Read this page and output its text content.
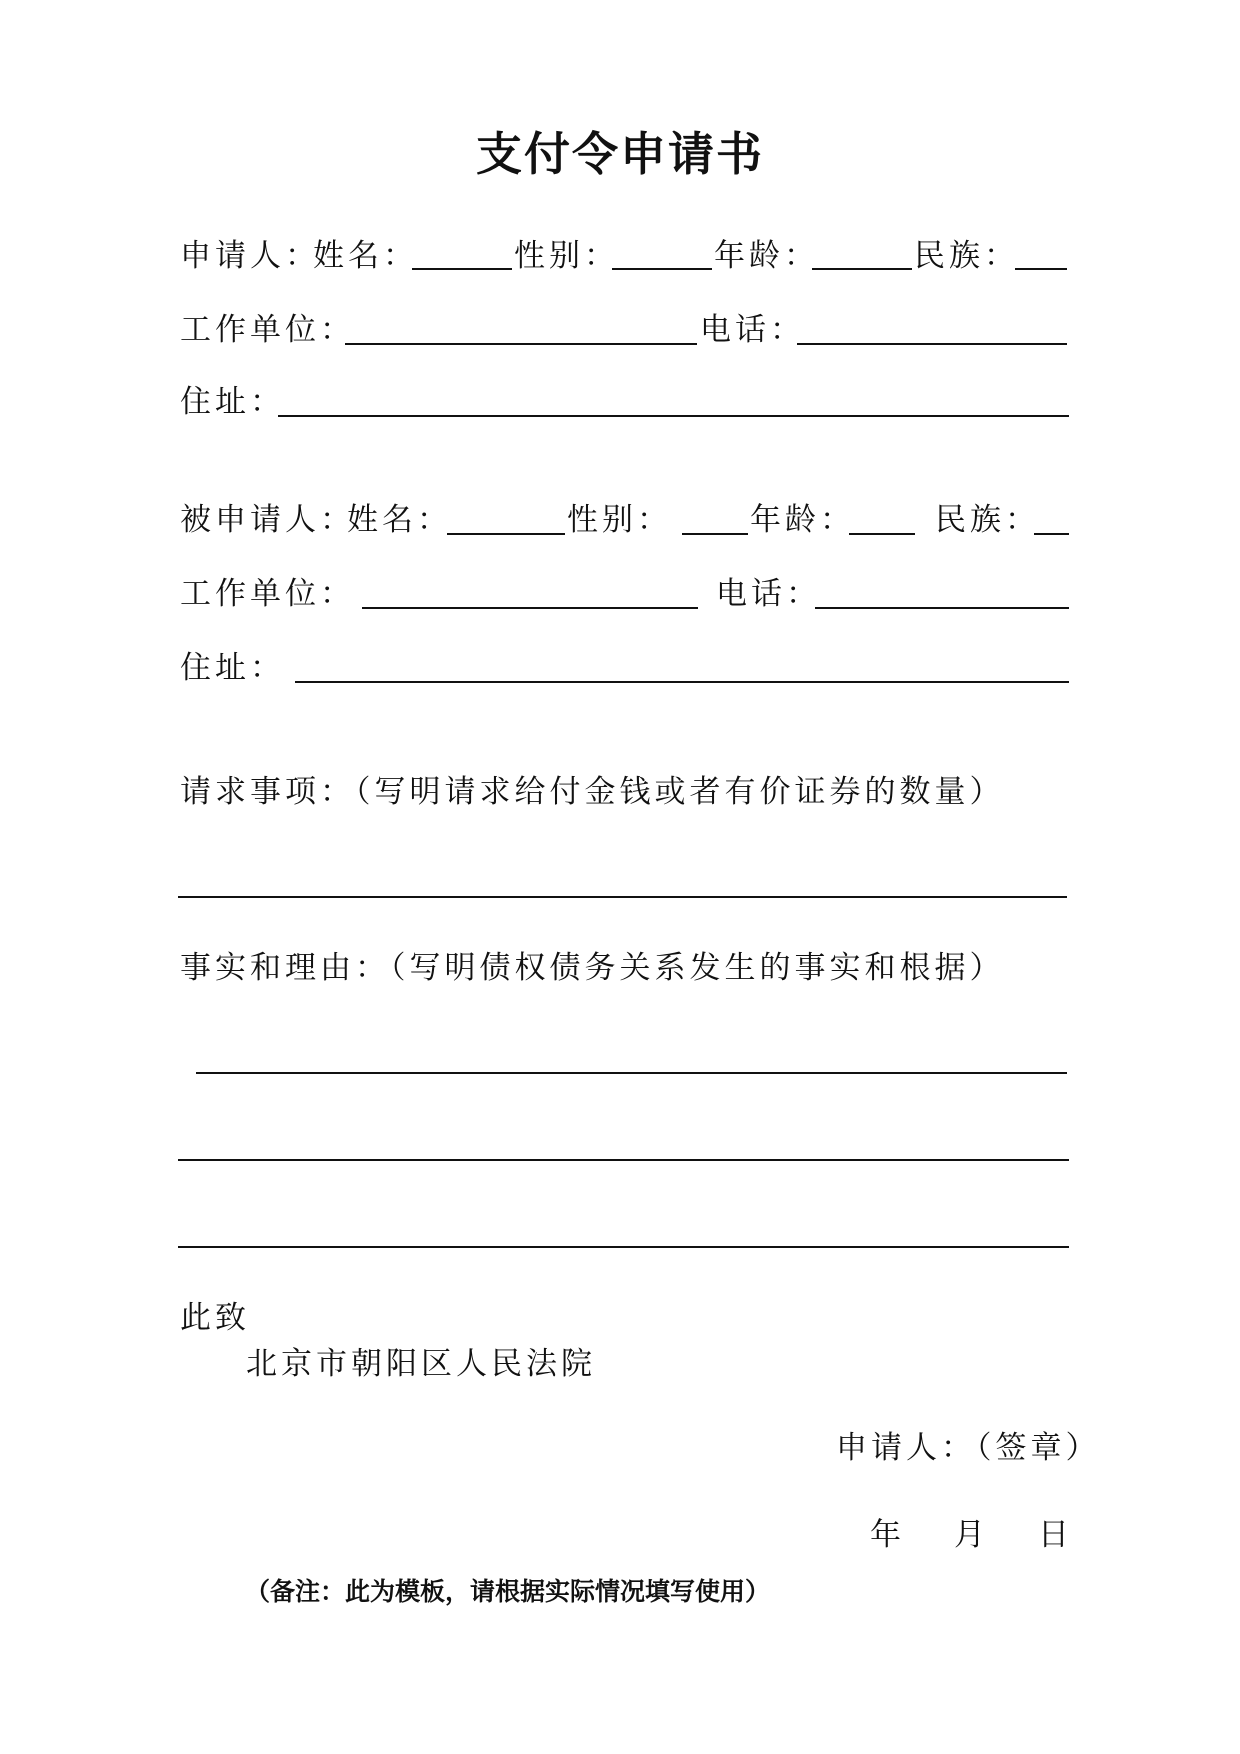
支付令申请书
申请人：
姓名：	性别：	年龄：	民族：
工作单位：	电话：
住址：
被申请人：
姓名：	性别：	年龄：	民族：
工作单位：	电话：
住址：
请求事项：（写明请求给付金钱或者有价证券的数量）
事实和理由：（写明债权债务关系发生的事实和根据）
此致
北京市朝阳区人民法院
申请人：（签章）
年 月 日
（备注：此为模板，请根据实际情况填写使用）
